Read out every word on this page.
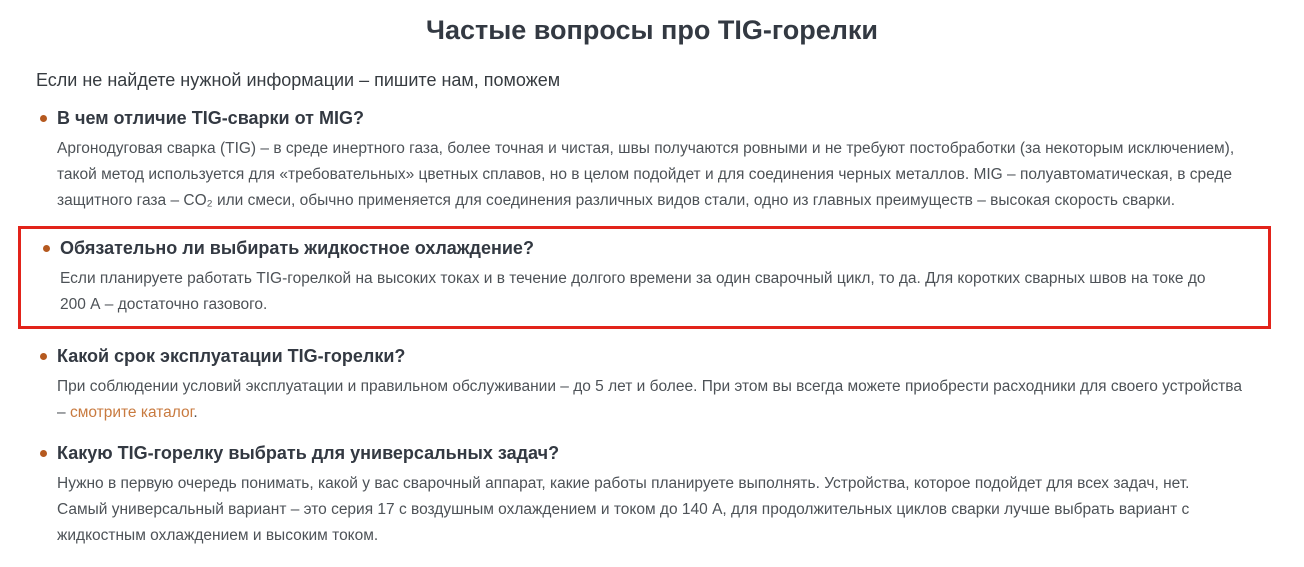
Частые вопросы про TIG-горелки

Если не найдете нужной информации – пишите нам, поможем

В чем отличие TIG-сварки от MIG?

Аргонодуговая сварка (TIG) – в среде инертного газа, более точная и чистая, швы получаются ровными и не требуют постобработки (за некоторым исключением), такой метод используется для «требовательных» цветных сплавов, но в целом подойдет и для соединения черных металлов. MIG – полуавтоматическая, в среде защитного газа – CO₂ или смеси, обычно применяется для соединения различных видов стали, одно из главных преимуществ – высокая скорость сварки.

Обязательно ли выбирать жидкостное охлаждение?

Если планируете работать TIG-горелкой на высоких токах и в течение долгого времени за один сварочный цикл, то да. Для коротких сварных швов на токе до 200 А – достаточно газового.

Какой срок эксплуатации TIG-горелки?

При соблюдении условий эксплуатации и правильном обслуживании – до 5 лет и более. При этом вы всегда можете приобрести расходники для своего устройства – смотрите каталог.

Какую TIG-горелку выбрать для универсальных задач?

Нужно в первую очередь понимать, какой у вас сварочный аппарат, какие работы планируете выполнять. Устройства, которое подойдет для всех задач, нет. Самый универсальный вариант – это серия 17 с воздушным охлаждением и током до 140 А, для продолжительных циклов сварки лучше выбрать вариант с жидкостным охлаждением и высоким током.
